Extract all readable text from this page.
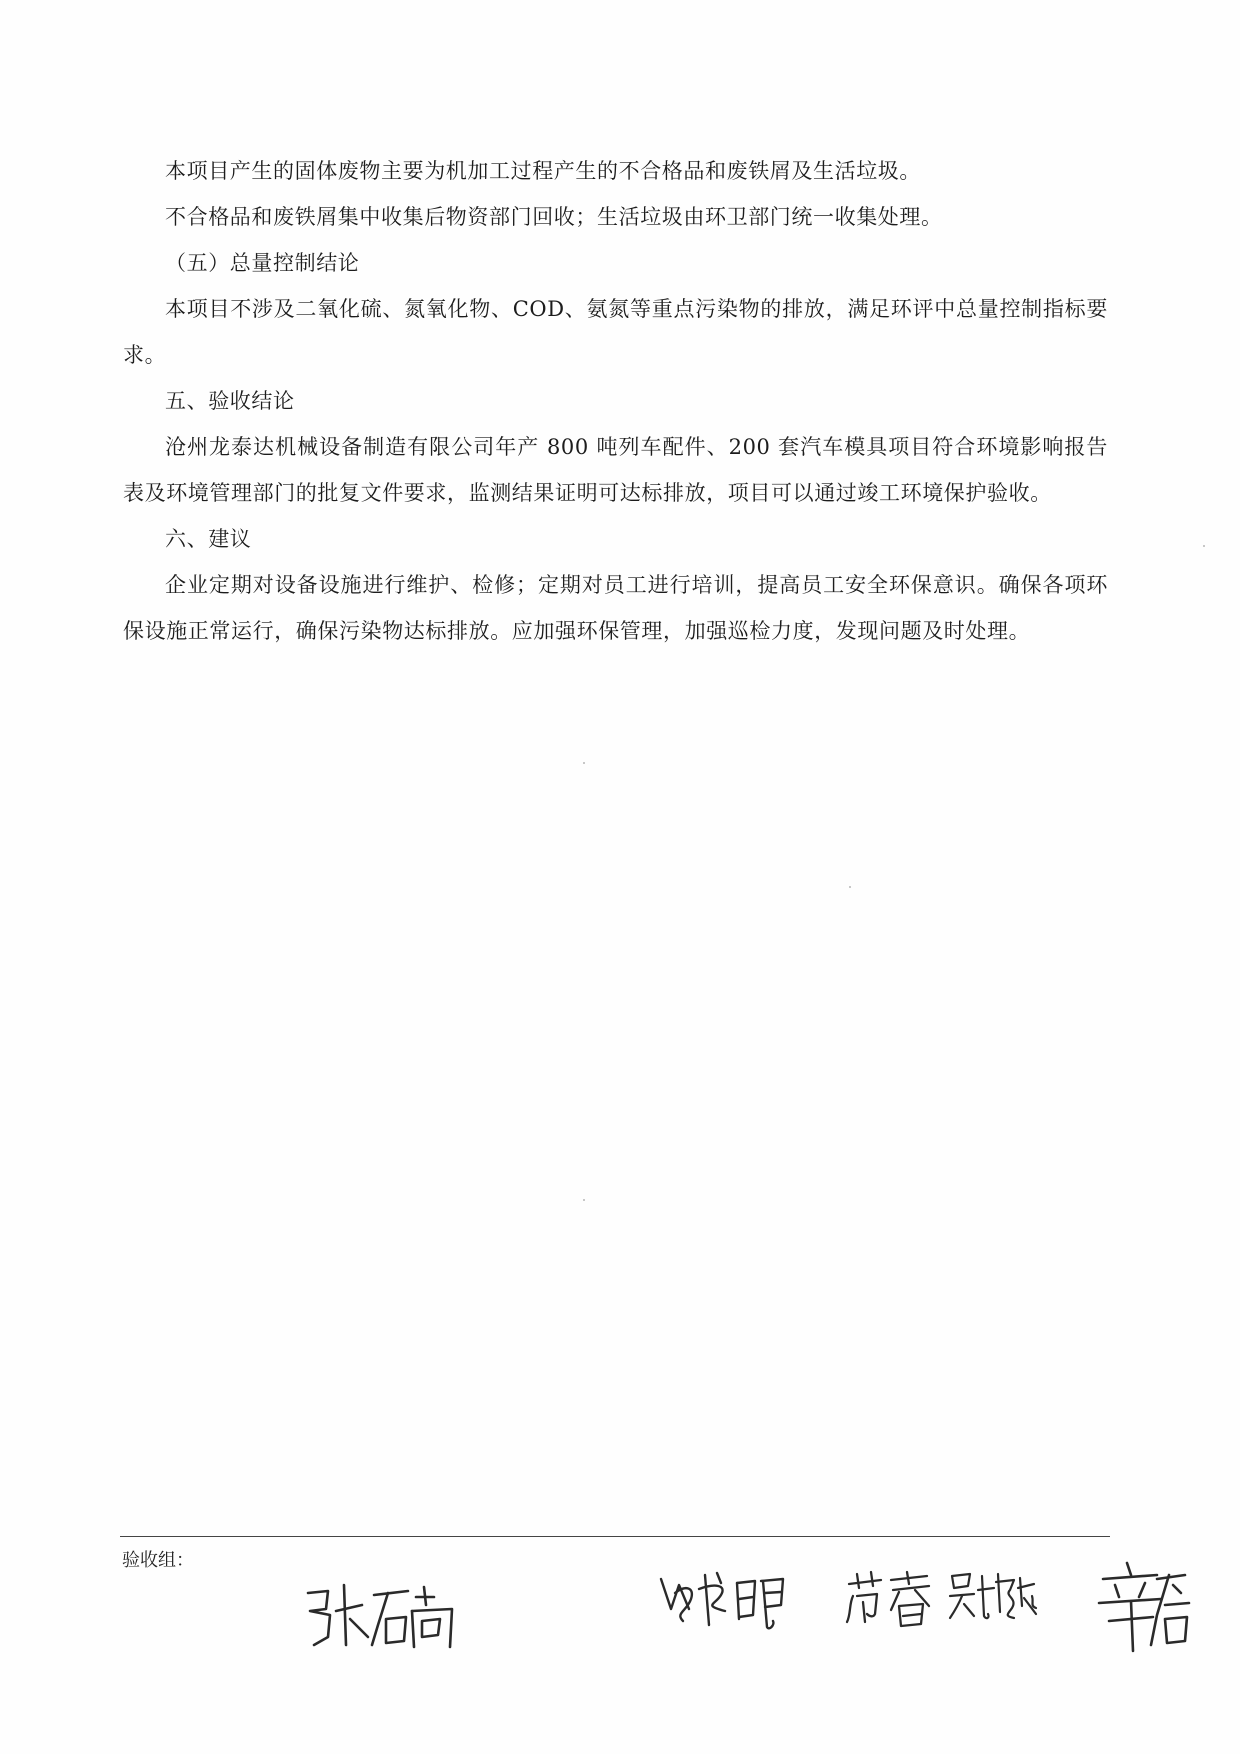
本项目产生的固体废物主要为机加工过程产生的不合格品和废铁屑及生活垃圾。

不合格品和废铁屑集中收集后物资部门回收；生活垃圾由环卫部门统一收集处理。

（五）总量控制结论

本项目不涉及二氧化硫、氮氧化物、COD、氨氮等重点污染物的排放，满足环评中总量控制指标要求。

五、验收结论

沧州龙泰达机械设备制造有限公司年产 800 吨列车配件、200 套汽车模具项目符合环境影响报告表及环境管理部门的批复文件要求，监测结果证明可达标排放，项目可以通过竣工环境保护验收。

六、建议

企业定期对设备设施进行维护、检修；定期对员工进行培训，提高员工安全环保意识。确保各项环保设施正常运行，确保污染物达标排放。应加强环保管理，加强巡检力度，发现问题及时处理。

验收组：
